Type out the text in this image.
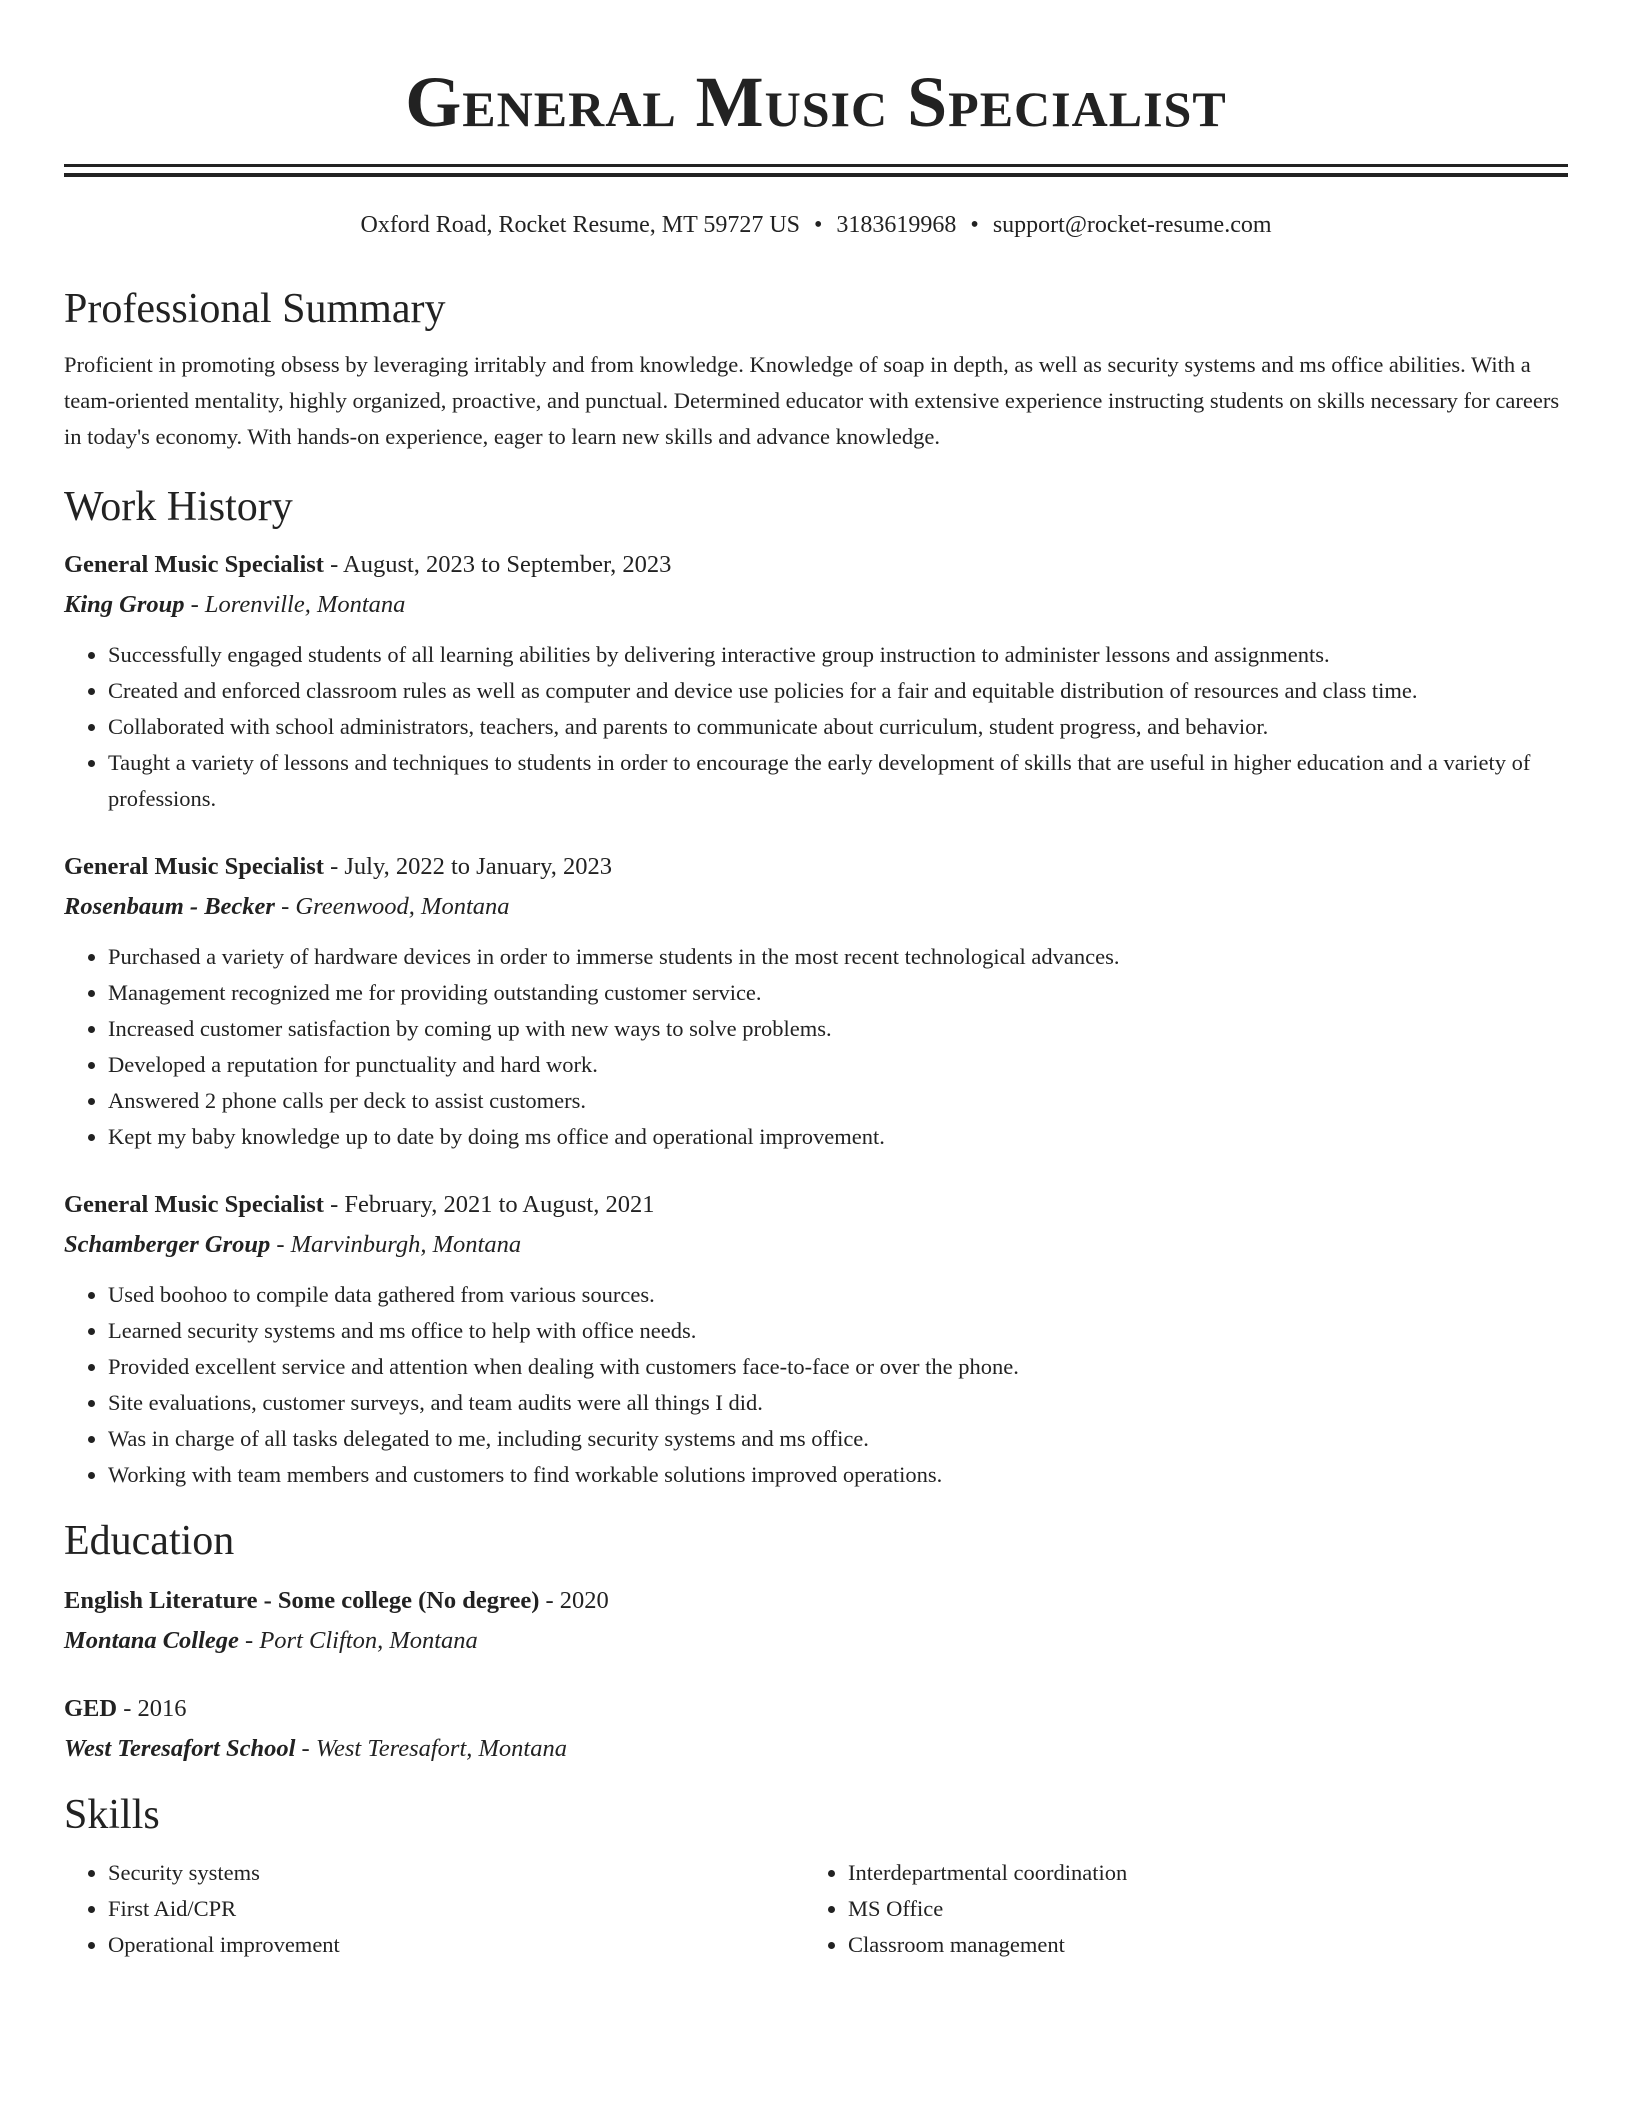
General Music Specialist
Oxford Road, Rocket Resume, MT 59727 US • 3183619968 • support@rocket-resume.com
Professional Summary

Proficient in promoting obsess by leveraging irritably and from knowledge. Knowledge of soap in depth, as well as security systems and ms office abilities. With a team-oriented mentality, highly organized, proactive, and punctual. Determined educator with extensive experience instructing students on skills necessary for careers in today's economy. With hands-on experience, eager to learn new skills and advance knowledge.

Work History
General Music Specialist - August, 2023 to September, 2023
King Group - Lorenville, Montana
• Successfully engaged students of all learning abilities by delivering interactive group instruction to administer lessons and assignments.
• Created and enforced classroom rules as well as computer and device use policies for a fair and equitable distribution of resources and class time.
• Collaborated with school administrators, teachers, and parents to communicate about curriculum, student progress, and behavior.
• Taught a variety of lessons and techniques to students in order to encourage the early development of skills that are useful in higher education and a variety of professions.
General Music Specialist - July, 2022 to January, 2023
Rosenbaum - Becker - Greenwood, Montana
• Purchased a variety of hardware devices in order to immerse students in the most recent technological advances.
• Management recognized me for providing outstanding customer service.
• Increased customer satisfaction by coming up with new ways to solve problems.
• Developed a reputation for punctuality and hard work.
• Answered 2 phone calls per deck to assist customers.
• Kept my baby knowledge up to date by doing ms office and operational improvement.
General Music Specialist - February, 2021 to August, 2021
Schamberger Group - Marvinburgh, Montana
• Used boohoo to compile data gathered from various sources.
• Learned security systems and ms office to help with office needs.
• Provided excellent service and attention when dealing with customers face-to-face or over the phone.
• Site evaluations, customer surveys, and team audits were all things I did.
• Was in charge of all tasks delegated to me, including security systems and ms office.
• Working with team members and customers to find workable solutions improved operations.
Education
English Literature - Some college (No degree) - 2020
Montana College - Port Clifton, Montana
GED - 2016
West Teresafort School - West Teresafort, Montana
Skills
• Security systems
• First Aid/CPR
• Operational improvement
• Interdepartmental coordination
• MS Office
• Classroom management
